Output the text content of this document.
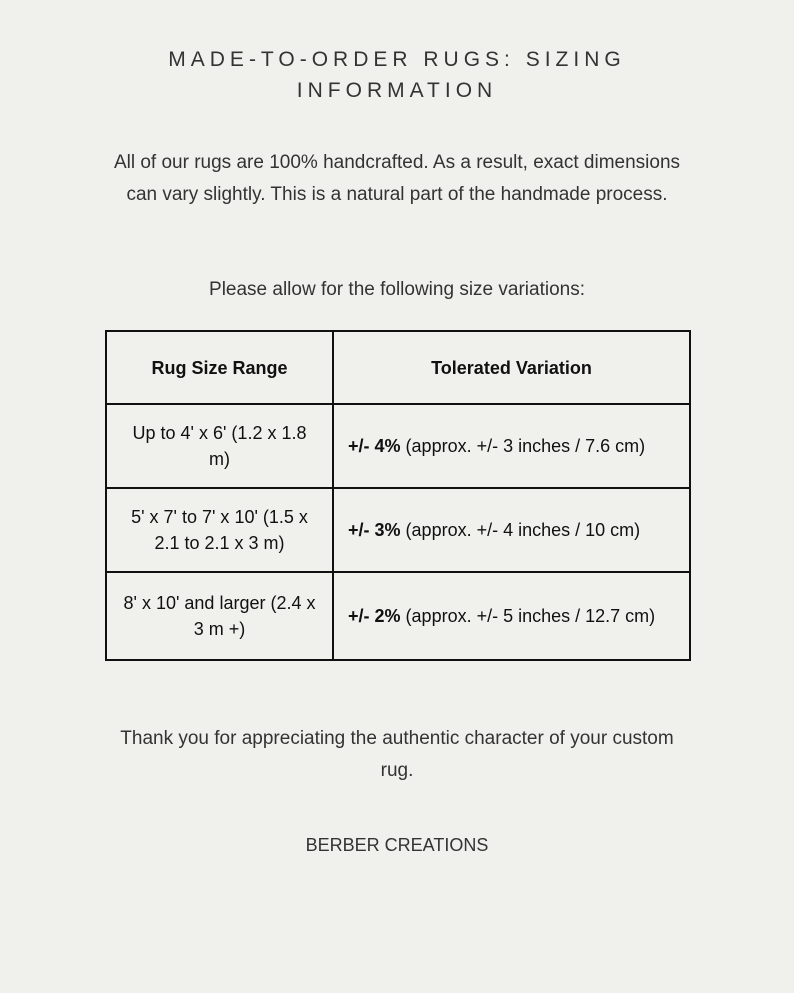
MADE-TO-ORDER RUGS: SIZING INFORMATION

All of our rugs are 100% handcrafted. As a result, exact dimensions can vary slightly. This is a natural part of the handmade process.

Please allow for the following size variations:

Rug Size Range	Tolerated Variation
Up to 4' x 6' (1.2 x 1.8 m)	+/- 4% (approx. +/- 3 inches / 7.6 cm)
5' x 7' to 7' x 10' (1.5 x 2.1 to 2.1 x 3 m)	+/- 3% (approx. +/- 4 inches / 10 cm)
8' x 10' and larger (2.4 x 3 m +)	+/- 2% (approx. +/- 5 inches / 12.7 cm)

Thank you for appreciating the authentic character of your custom rug.

BERBER CREATIONS
